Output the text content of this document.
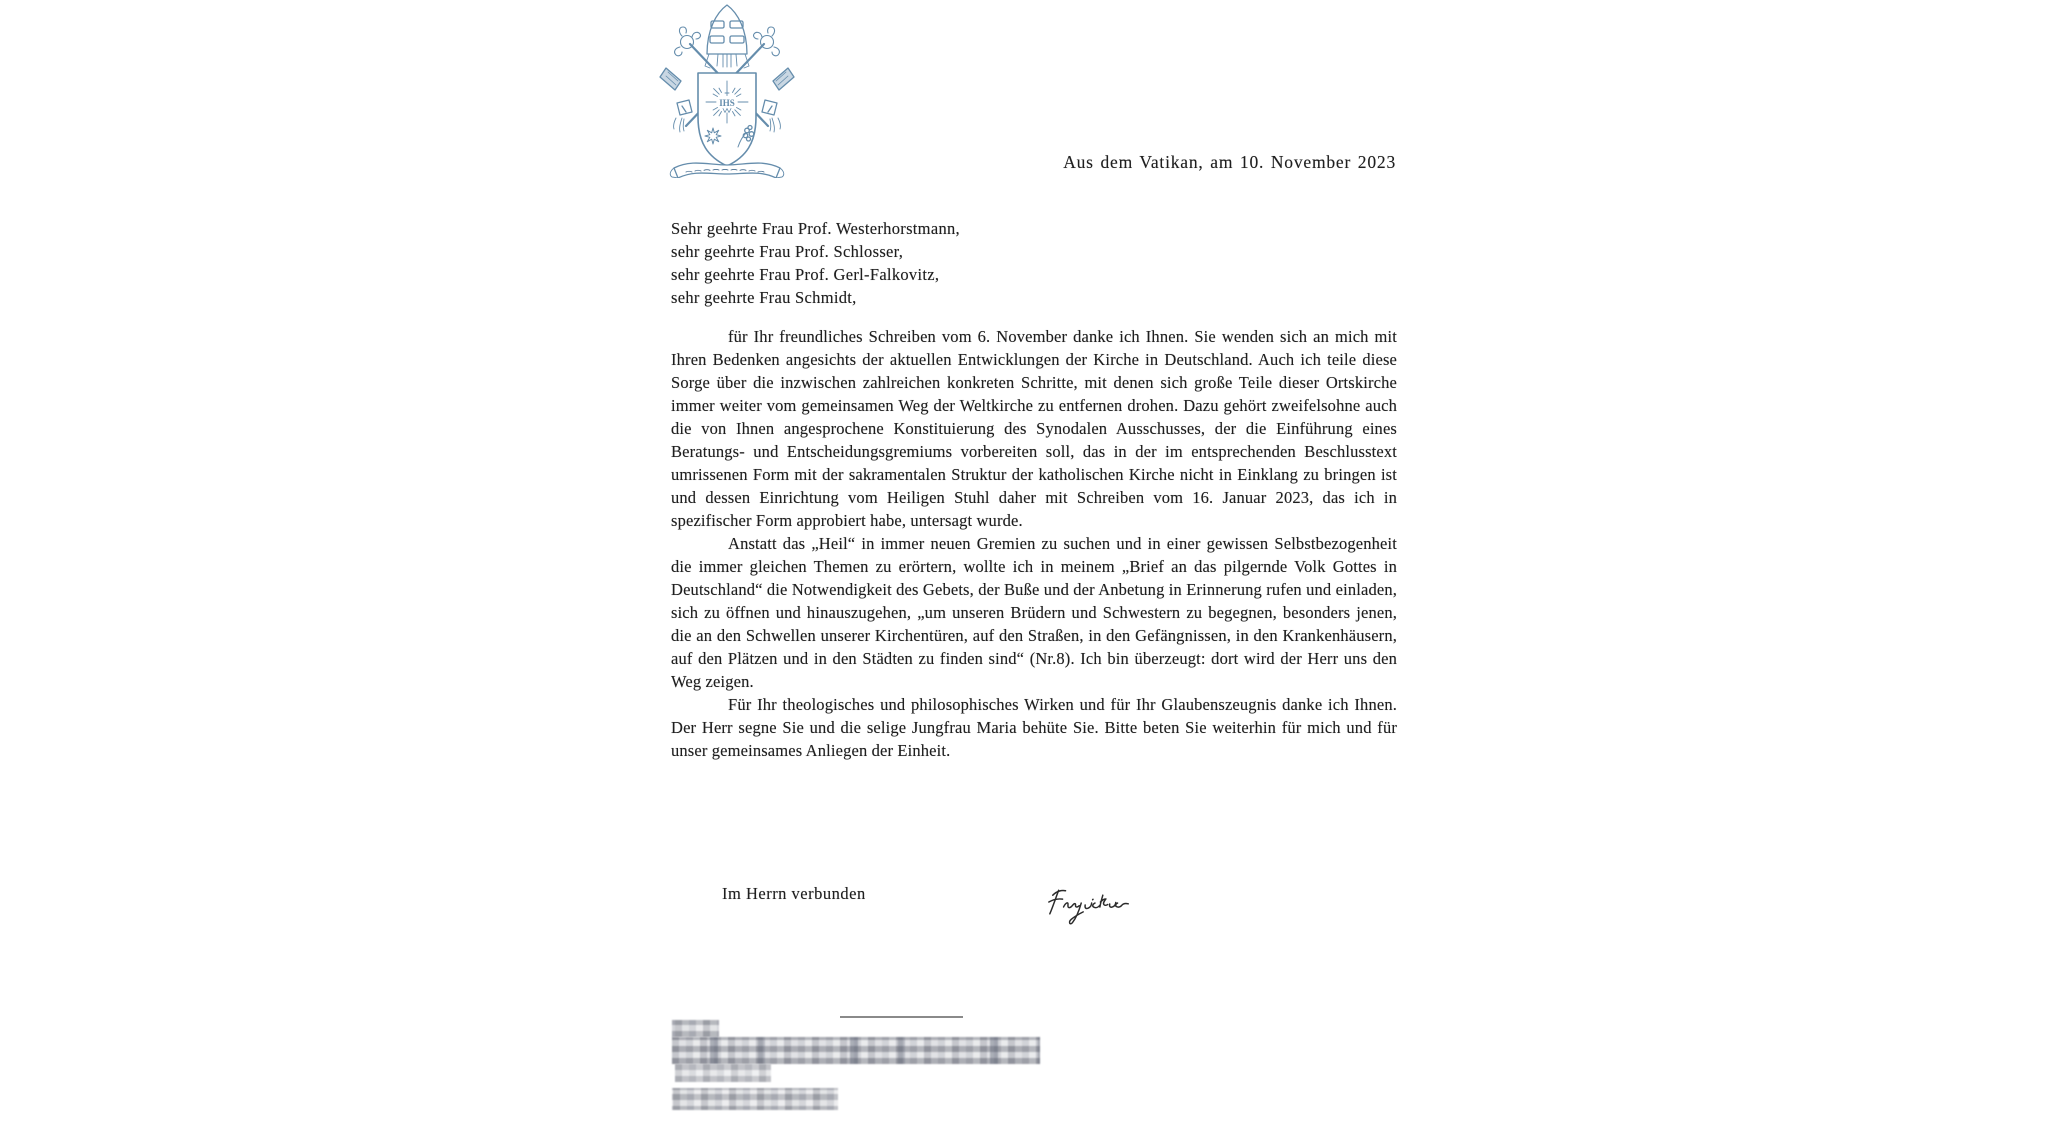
IHS
Aus dem Vatikan, am 10. November 2023
Sehr geehrte Frau Prof. Westerhorstmann,
sehr geehrte Frau Prof. Schlosser,
sehr geehrte Frau Prof. Gerl-Falkovitz,
sehr geehrte Frau Schmidt,

für Ihr freundliches Schreiben vom 6. November danke ich Ihnen. Sie wenden sich an mich mit Ihren Bedenken angesichts der aktuellen Entwicklungen der Kirche in Deutschland. Auch ich teile diese Sorge über die inzwischen zahlreichen konkreten Schritte, mit denen sich große Teile dieser Ortskirche immer weiter vom gemeinsamen Weg der Weltkirche zu entfernen drohen. Dazu gehört zweifelsohne auch die von Ihnen angesprochene Konstituierung des Synodalen Ausschusses, der die Einführung eines Beratungs- und Entscheidungsgremiums vorbereiten soll, das in der im entsprechenden Beschlusstext umrissenen Form mit der sakramentalen Struktur der katholischen Kirche nicht in Einklang zu bringen ist und dessen Einrichtung vom Heiligen Stuhl daher mit Schreiben vom 16. Januar 2023, das ich in spezifischer Form approbiert habe, untersagt wurde.

Anstatt das „Heil“ in immer neuen Gremien zu suchen und in einer gewissen Selbstbezogenheit die immer gleichen Themen zu erörtern, wollte ich in meinem „Brief an das pilgernde Volk Gottes in Deutschland“ die Notwendigkeit des Gebets, der Buße und der Anbetung in Erinnerung rufen und einladen, sich zu öffnen und hinauszugehen, „um unseren Brüdern und Schwestern zu begegnen, besonders jenen, die an den Schwellen unserer Kirchentüren, auf den Straßen, in den Gefängnissen, in den Krankenhäusern, auf den Plätzen und in den Städten zu finden sind“ (Nr.8). Ich bin überzeugt: dort wird der Herr uns den Weg zeigen.

Für Ihr theologisches und philosophisches Wirken und für Ihr Glaubenszeugnis danke ich Ihnen. Der Herr segne Sie und die selige Jungfrau Maria behüte Sie. Bitte beten Sie weiterhin für mich und für unser gemeinsames Anliegen der Einheit.

Im Herrn verbunden
